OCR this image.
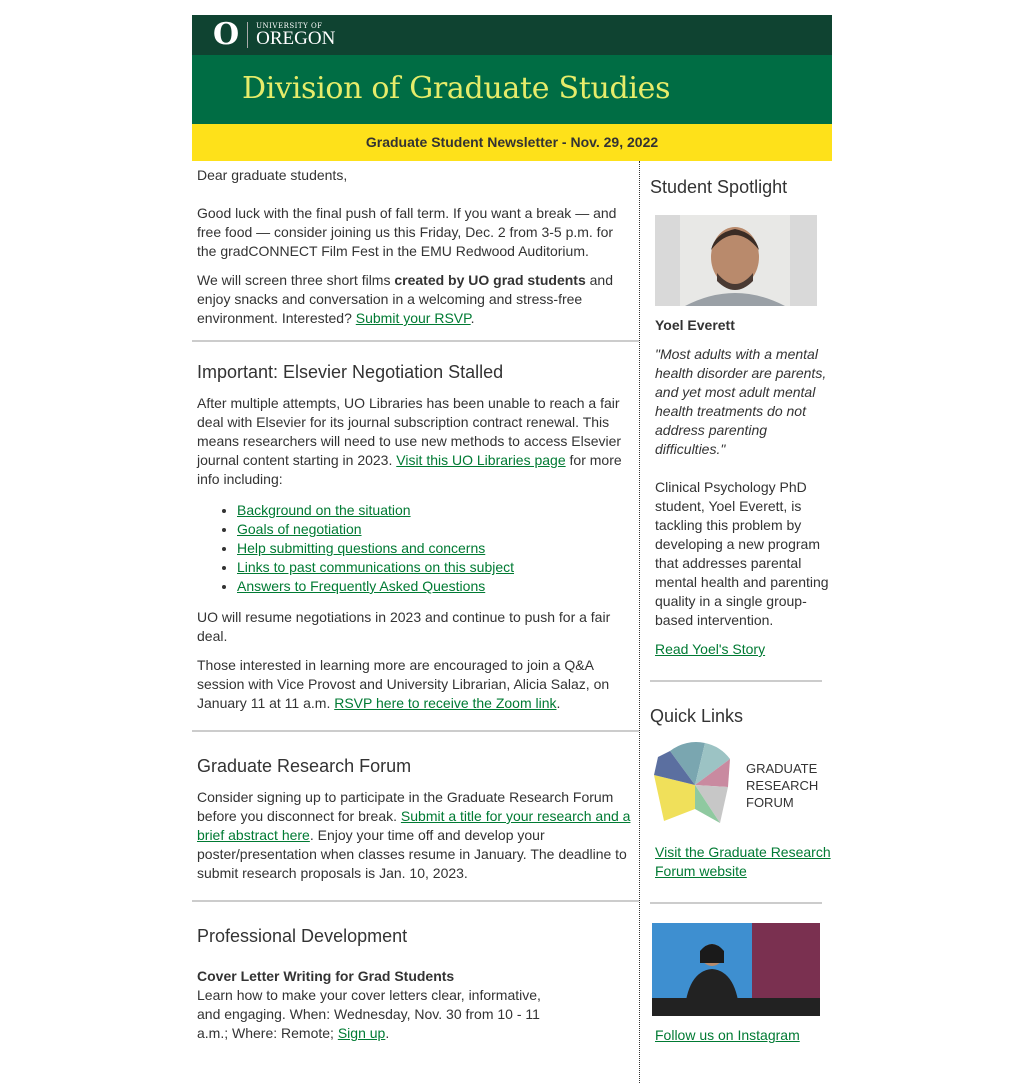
O UNIVERSITY OF
OREGON
Division of Graduate Studies
Graduate Student Newsletter - Nov. 29, 2022

Dear graduate students,

Good luck with the final push of fall term. If you want a break — and free food — consider joining us this Friday, Dec. 2 from 3-5 p.m. for the gradCONNECT Film Fest in the EMU Redwood Auditorium.

We will screen three short films created by UO grad students and enjoy snacks and conversation in a welcoming and stress-free environment. Interested? Submit your RSVP.

Important: Elsevier Negotiation Stalled

After multiple attempts, UO Libraries has been unable to reach a fair deal with Elsevier for its journal subscription contract renewal. This means researchers will need to use new methods to access Elsevier journal content starting in 2023. Visit this UO Libraries page for more info including:

• Background on the situation
• Goals of negotiation
• Help submitting questions and concerns
• Links to past communications on this subject
• Answers to Frequently Asked Questions

UO will resume negotiations in 2023 and continue to push for a fair deal.

Those interested in learning more are encouraged to join a Q&A session with Vice Provost and University Librarian, Alicia Salaz, on January 11 at 11 a.m. RSVP here to receive the Zoom link.

Graduate Research Forum

Consider signing up to participate in the Graduate Research Forum before you disconnect for break. Submit a title for your research and a brief abstract here. Enjoy your time off and develop your poster/presentation when classes resume in January. The deadline to submit research proposals is Jan. 10, 2023.

Professional Development

Cover Letter Writing for Grad Students
Learn how to make your cover letters clear, informative, and engaging. When: Wednesday, Nov. 30 from 10 - 11 a.m.; Where: Remote; Sign up.

Student Spotlight

Yoel Everett

"Most adults with a mental health disorder are parents, and yet most adult mental health treatments do not address parenting difficulties."

Clinical Psychology PhD student, Yoel Everett, is tackling this problem by developing a new program that addresses parental mental health and parenting quality in a single group-based intervention.

Read Yoel's Story

Quick Links
GRADUATE
RESEARCH
FORUM

Visit the Graduate Research Forum website

Follow us on Instagram
